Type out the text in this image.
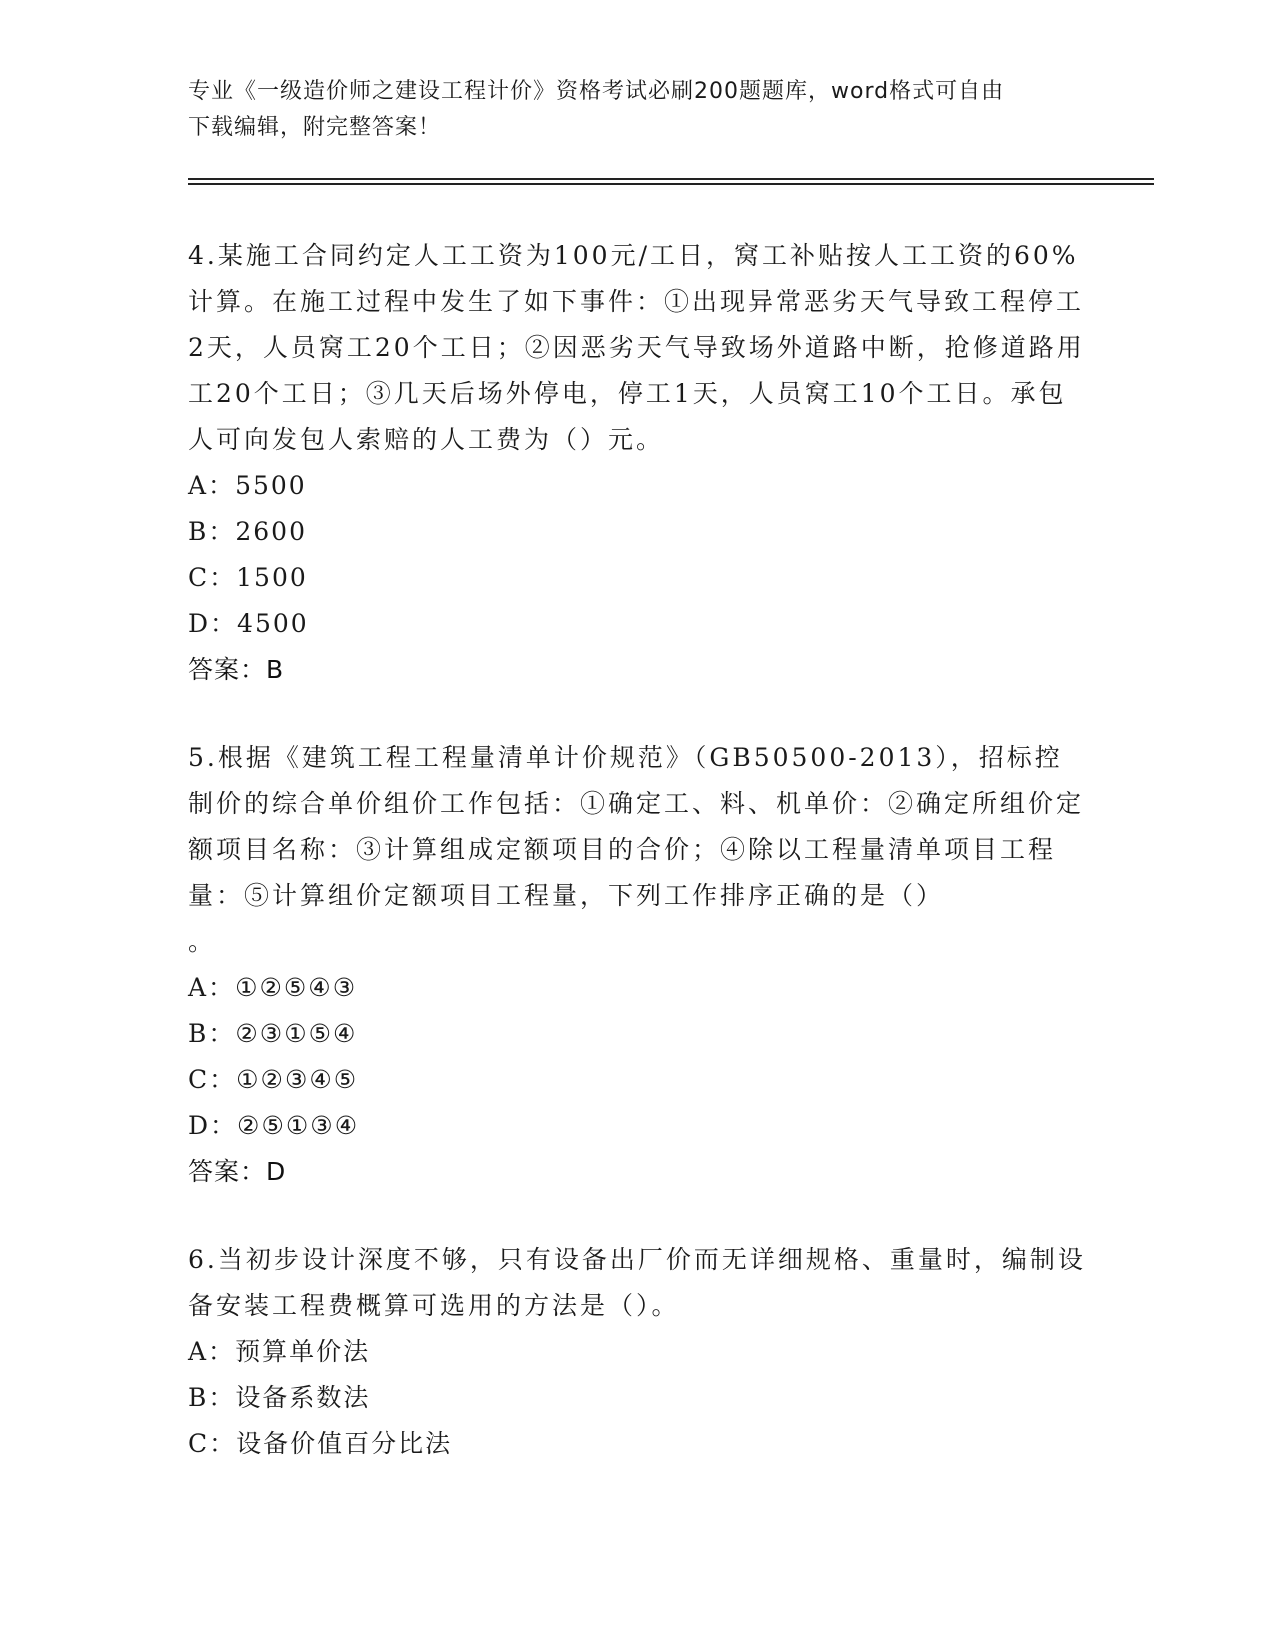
专业《一级造价师之建设工程计价》资格考试必刷200题题库，word格式可自由
下载编辑，附完整答案！

4.某施工合同约定人工工资为100元/工日，窝工补贴按人工工资的60%计算。在施工过程中发生了如下事件：①出现异常恶劣天气导致工程停工2天，人员窝工20个工日；②因恶劣天气导致场外道路中断，抢修道路用工20个工日；③几天后场外停电，停工1天，人员窝工10个工日。承包人可向发包人索赔的人工费为（）元。

A：5500
B：2600
C：1500
D：4500
答案：B

5.根据《建筑工程工程量清单计价规范》（GB50500-2013），招标控制价的综合单价组价工作包括：①确定工、料、机单价：②确定所组价定额项目名称：③计算组成定额项目的合价；④除以工程量清单项目工程量：⑤计算组价定额项目工程量，下列工作排序正确的是（）
。

A：①②⑤④③
B：②③①⑤④
C：①②③④⑤
D：②⑤①③④
答案：D

6.当初步设计深度不够，只有设备出厂价而无详细规格、重量时，编制设备安装工程费概算可选用的方法是（）。

A：预算单价法
B：设备系数法
C：设备价值百分比法
